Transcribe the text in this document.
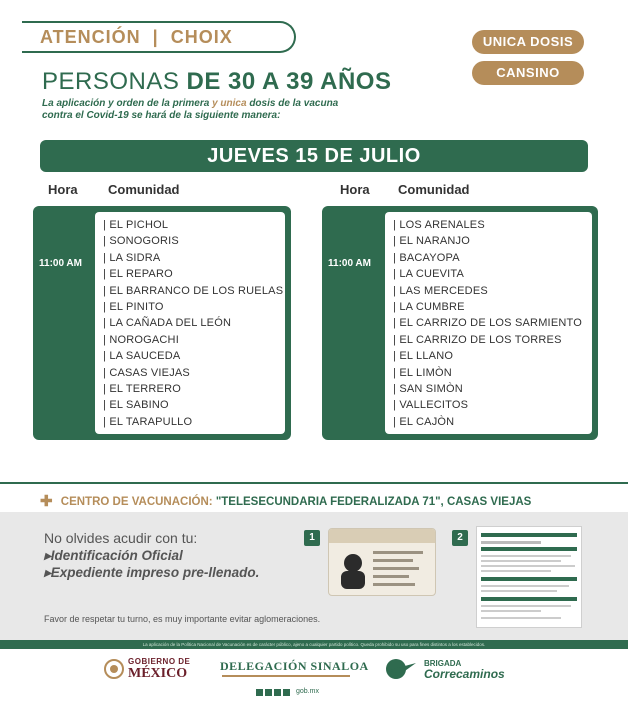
ATENCIÓN | CHOIX	UNICA DOSIS
CANSINO
PERSONAS DE 30 A 39 AÑOS
La aplicación y orden de la primera y unica dosis de la vacuna contra el Covid-19 se hará de la siguiente manera:
JUEVES 15 DE JULIO
Hora Comunidad	Hora Comunidad
11:00 AM
| EL PICHOL
| SONOGORIS
| LA SIDRA
| EL REPARO
| EL BARRANCO DE LOS RUELAS
| EL PINITO
| LA CAÑADA DEL LEÓN
| NOROGACHI
| LA SAUCEDA
| CASAS VIEJAS
| EL TERRERO
| EL SABINO
| EL TARAPULLO
11:00 AM
| LOS ARENALES
| EL NARANJO
| BACAYOPA
| LA CUEVITA
| LAS MERCEDES
| LA CUMBRE
| EL CARRIZO DE LOS SARMIENTO
| EL CARRIZO DE LOS TORRES
| EL LLANO
| EL LIMÒN
| SAN SIMÒN
| VALLECITOS
| EL CAJÒN
✚ CENTRO DE VACUNACIÓN: "TELESECUNDARIA FEDERALIZADA 71", CASAS VIEJAS
No olvides acudir con tu:
▸Identificación Oficial
▸Expediente impreso pre-llenado.
Favor de respetar tu turno, es muy importante evitar aglomeraciones.
1	2
La aplicación de la Política Nacional de Vacunación es de carácter público, ajeno a cualquier partido político. Queda prohibido su uso para fines distintos a los establecidos.
GOBIERNO DE
MÉXICO	DELEGACIÓN SINALOA	BRIGADA
Correcaminos
gob.mx
